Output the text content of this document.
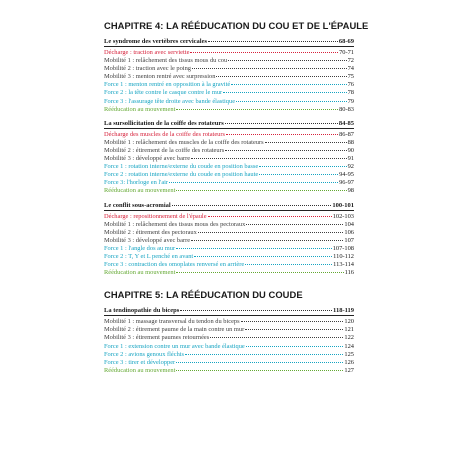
CHAPITRE 4: LA RÉÉDUCATION DU COU ET DE L'ÉPAULE
Le syndrome des vertèbres cervicales	68-69
Décharge : traction avec serviette	70-71
Mobilité 1 : relâchement des tissus mous du cou	72
Mobilité 2 : traction avec le poing	74
Mobilité 3 : menton rentré avec surpression	75
Force 1 : menton rentré en opposition à la gravité	76
Force 2 : la tête contre le casque contre le mur	78
Force 3 : l'assurage tête droite avec bande élastique	79
Rééducation au mouvement	80-83
La sursollicitation de la coiffe des rotateurs	84-85
Décharge des muscles de la coiffe des rotateurs	86-87
Mobilité 1 : relâchement des muscles de la coiffe des rotateurs	88
Mobilité 2 : étirement de la coiffe des rotateurs	90
Mobilité 3 : développé avec barre	91
Force 1 : rotation interne/externe du coude en position basse	92
Force 2 : rotation interne/externe du coude en position haute	94-95
Force 3: l'horloge en l'air	96-97
Rééducation au mouvement	98
Le conflit sous-acromial	100-101
Décharge : repositionnement de l'épaule	102-103
Mobilité 1 : relâchement des tissus mous des pectoraux	104
Mobilité 2 : étirement des pectoraux	106
Mobilité 3 : développé avec barre	107
Force 1 : l'angle dos au mur	107-108
Force 2 : T, Y et L penché en avant	110-112
Force 3 : contraction des omoplates renversé en arrière	113-114
Rééducation au mouvement	116
CHAPITRE 5: LA RÉÉDUCATION DU COUDE
La tendinopathie du biceps	118-119
Mobilité 1 : massage transversal du tendon du biceps	120
Mobilité 2 : étirement paume de la main contre un mur	121
Mobilité 3 : étirement paumes retournées	122
Force 1 : extension contre un mur avec bande élastique	124
Force 2 : avions genoux fléchis	125
Force 3 : tirer et développer	126
Rééducation au mouvement	127
